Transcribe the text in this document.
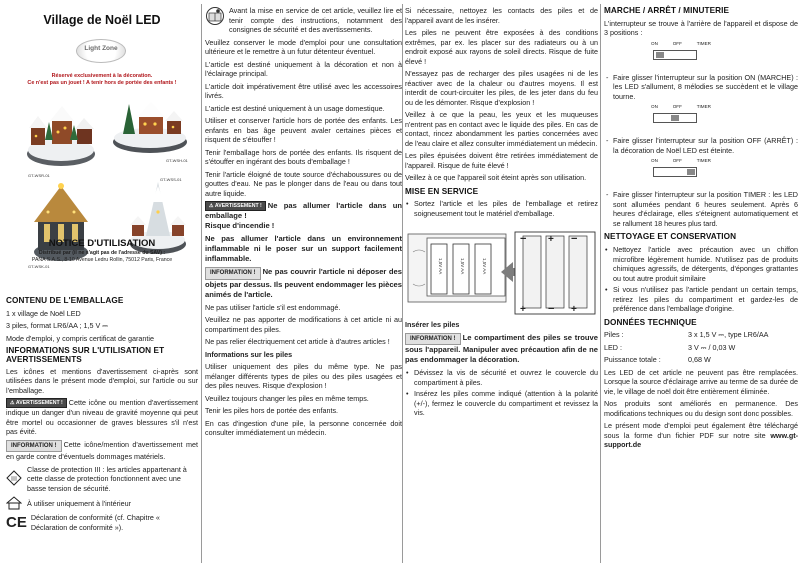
Village de Noël LED
Light Zone
Réservé exclusivement à la décoration.
Ce n'est pas un jouet ! A tenir hors de portée des enfants !
GT-WSR-01
GT-WSH-01
GT-WSK-01
GT-WSS-01
NOTICE D'UTILISATION
Distribué par (il ne s'agit pas de l'adresse du SAV) :
PANA S.A.S., 8-10 Avenue Ledru Rollin, 75012 Paris, France
CONTENU DE L'EMBALLAGE

1 x village de Noël LED

3 piles, format LR6/AA ; 1,5 V ⎓

Mode d'emploi, y compris certificat de garantie

INFORMATIONS SUR L'UTILISATION ET AVERTISSEMENTS

Les icônes et mentions d'avertissement ci-après sont utilisées dans le présent mode d'emploi, sur l'article ou sur l'emballage.

⚠ AVERTISSEMENT ! Cette icône ou mention d'avertissement indique un danger d'un niveau de gravité moyenne qui peut être mortel ou occasionner de graves blessures s'il n'est pas évité.

INFORMATION ! Cette icône/mention d'avertissement met en garde contre d'éventuels dommages matériels.

III
Classe de protection III : les articles appartenant à cette classe de protection fonctionnent avec une basse tension de sécurité.
À utiliser uniquement à l'intérieur
CE Déclaration de conformité (cf. Chapitre « Déclaration de conformité »).

Avant la mise en service de cet article, veuillez lire et tenir compte des instructions, notamment des consignes de sécurité et des avertissements.

Veuillez conserver le mode d'emploi pour une consultation ultérieure et le remettre à un futur détenteur éventuel.

L'article est destiné uniquement à la décoration et non à l'éclairage principal.

L'article doit impérativement être utilisé avec les accessoires livrés.

L'article est destiné uniquement à un usage domestique.

Utiliser et conserver l'article hors de portée des enfants. Les enfants en bas âge peuvent avaler certaines pièces et risquent de s'étouffer !

Tenir l'emballage hors de portée des enfants. Ils risquent de s'étouffer en ingérant des bouts d'emballage !

Tenir l'article éloigné de toute source d'échaboussures ou de gouttes d'eau. Ne pas le plonger dans de l'eau ou dans tout autre liquide.

⚠ AVERTISSEMENT ! Ne pas allumer l'article dans un emballage !
Risque d'incendie !

Ne pas allumer l'article dans un environnement inflammable ni le poser sur un support facilement inflammable.

INFORMATION ! Ne pas couvrir l'article ni déposer des objets par dessus. Ils peuvent endommager les pièces animés de l'article.

Ne pas utiliser l'article s'il est endommagé.

Veuillez ne pas apporter de modifications à cet article ni au compartiment des piles.

Ne pas relier électriquement cet article à d'autres articles !

Informations sur les piles

Utiliser uniquement des piles du même type. Ne pas mélanger différents types de piles ou des piles usagées et des piles neuves. Risque d'explosion !

Veuillez toujours changer les piles en même temps.

Tenir les piles hors de portée des enfants.

En cas d'ingestion d'une pile, la personne concernée doit consulter immédiatement un médecin.

Si nécessaire, nettoyez les contacts des piles et de l'appareil avant de les insérer.

Les piles ne peuvent être exposées à des conditions extrêmes, par ex. les placer sur des radiateurs ou à un endroit exposé aux rayons de soleil directs. Risque de fuite élevé !

N'essayez pas de recharger des piles usagées ni de les réactiver avec de la chaleur ou d'autres moyens. Il est interdit de court-circuiter les piles, de les jeter dans du feu ou de les démonter. Risque d'explosion !

Veillez à ce que la peau, les yeux et les muqueuses n'entrent pas en contact avec le liquide des piles. En cas de contact, rincez abondamment les parties concernées avec de l'eau claire et allez consulter immédiatement un médecin.

Les piles épuisées doivent être retirées immédiatement de l'appareil. Risque de fuite élevé !

Veillez à ce que l'appareil soit éteint après son utilisation.

MISE EN SERVICE
• Sortez l'article et les piles de l'emballage et retirez soigneusement tout le matériel d'emballage.
− + −
+ − +
1,5V AA	1,5V AA	1,5V AA

Insérer les piles

INFORMATION ! Le compartiment des piles se trouve sous l'appareil. Manipuler avec précaution afin de ne pas endommager la décoration.

• Dévissez la vis de sécurité et ouvrez le couvercle du compartiment à piles.
• Insérez les piles comme indiqué (attention à la polarité (+/-), fermez le couvercle du compartiment et revissez la vis.
MARCHE / ARRÊT / MINUTERIE

L'interrupteur se trouve à l'arrière de l'appareil et dispose de 3 positions :

ON	OFF	TIMER
- Faire glisser l'interrupteur sur la position ON (MARCHE) : les LED s'allument, 8 mélodies se succèdent et le village tourne.
ON	OFF	TIMER
- Faire glisser l'interrupteur sur la position OFF (ARRÊT) : la décoration de Noël LED est éteinte.
ON	OFF	TIMER
- Faire glisser l'interrupteur sur la position TIMER : les LED sont allumées pendant 6 heures seulement. Après 6 heures d'éclairage, elles s'éteignent automatiquement et se rallument 18 heures plus tard.
NETTOYAGE ET CONSERVATION
• Nettoyez l'article avec précaution avec un chiffon microfibre légèrement humide. N'utilisez pas de produits chimiques agressifs, de détergents, d'éponges grattantes ou tout autre produit similaire
• Si vous n'utilisez pas l'article pendant un certain temps, retirez les piles du compartiment et gardez-les de préférence dans l'emballage d'origine.
DONNÉES TECHNIQUE
Piles :	3 x 1,5 V ⎓, type LR6/AA
LED :	3 V ⎓ / 0,03 W
Puissance totale :	0,68 W

Les LED de cet article ne peuvent pas être remplacées. Lorsque la source d'éclairage arrive au terme de sa durée de vie, le village de noël doit être entièrement éliminée.

Nos produits sont améliorés en permanence. Des modifications techniques ou du design sont donc possibles.

Le présent mode d'emploi peut également être téléchargé sous la forme d'un fichier PDF sur notre site www.gt-support.de
